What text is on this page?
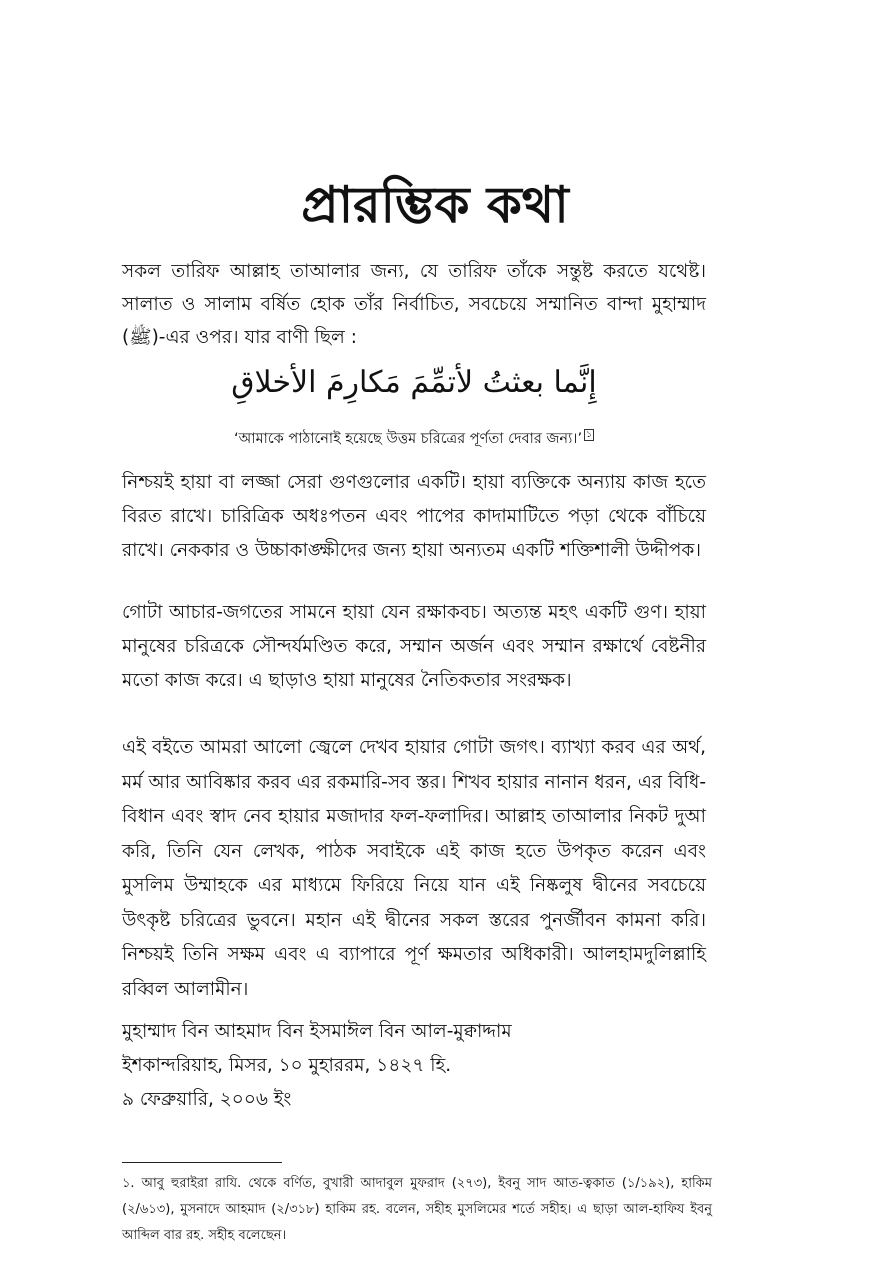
প্রারম্ভিক কথা
সকল তারিফ আল্লাহ তাআলার জন্য, যে তারিফ তাঁকে সন্তুষ্ট করতে যথেষ্ট। সালাত ও সালাম বর্ষিত হোক তাঁর নির্বাচিত, সবচেয়ে সম্মানিত বান্দা মুহাম্মাদ (ﷺ)-এর ওপর। যার বাণী ছিল :
إِنَّما بعثتُ لأتمِّمَ مَكارِمَ الأخلاقِ
‘আমাকে পাঠানোই হয়েছে উত্তম চরিত্রের পূর্ণতা দেবার জন্য।’ ১
নিশ্চয়ই হায়া বা লজ্জা সেরা গুণগুলোর একটি। হায়া ব্যক্তিকে অন্যায় কাজ হতে বিরত রাখে। চারিত্রিক অধঃপতন এবং পাপের কাদামাটিতে পড়া থেকে বাঁচিয়ে রাখে। নেককার ও উচ্চাকাঙ্ক্ষীদের জন্য হায়া অন্যতম একটি শক্তিশালী উদ্দীপক।
গোটা আচার-জগতের সামনে হায়া যেন রক্ষাকবচ। অত্যন্ত মহৎ একটি গুণ। হায়া মানুষের চরিত্রকে সৌন্দর্যমণ্ডিত করে, সম্মান অর্জন এবং সম্মান রক্ষার্থে বেষ্টনীর মতো কাজ করে। এ ছাড়াও হায়া মানুষের নৈতিকতার সংরক্ষক।
এই বইতে আমরা আলো জ্বেলে দেখব হায়ার গোটা জগৎ। ব্যাখ্যা করব এর অর্থ, মর্ম আর আবিষ্কার করব এর রকমারি-সব স্তর। শিখব হায়ার নানান ধরন, এর বিধি-বিধান এবং স্বাদ নেব হায়ার মজাদার ফল-ফলাদির। আল্লাহ তাআলার নিকট দুআ করি, তিনি যেন লেখক, পাঠক সবাইকে এই কাজ হতে উপকৃত করেন এবং মুসলিম উম্মাহকে এর মাধ্যমে ফিরিয়ে নিয়ে যান এই নিষ্কলুষ দ্বীনের সবচেয়ে উৎকৃষ্ট চরিত্রের ভুবনে। মহান এই দ্বীনের সকল স্তরের পুনর্জীবন কামনা করি। নিশ্চয়ই তিনি সক্ষম এবং এ ব্যাপারে পূর্ণ ক্ষমতার অধিকারী। আলহামদুলিল্লাহি রব্বিল আলামীন।
মুহাম্মাদ বিন আহমাদ বিন ইসমাঈল বিন আল-মুক্বাদ্দাম
ইশকান্দরিয়াহ, মিসর, ১০ মুহাররম, ১৪২৭ হি.
৯ ফেব্রুয়ারি, ২০০৬ ইং
১. আবু হুরাইরা রাযি. থেকে বর্ণিত, বুখারী আদাবুল মুফরাদ (২৭৩), ইবনু সাদ আত-ত্বকাত (১/১৯২), হাকিম (২/৬১৩), মুসনাদে আহমাদ (২/৩১৮) হাকিম রহ. বলেন, সহীহ মুসলিমের শর্তে সহীহ। এ ছাড়া আল-হাফিয ইবনু আব্দিল বার রহ. সহীহ বলেছেন।
